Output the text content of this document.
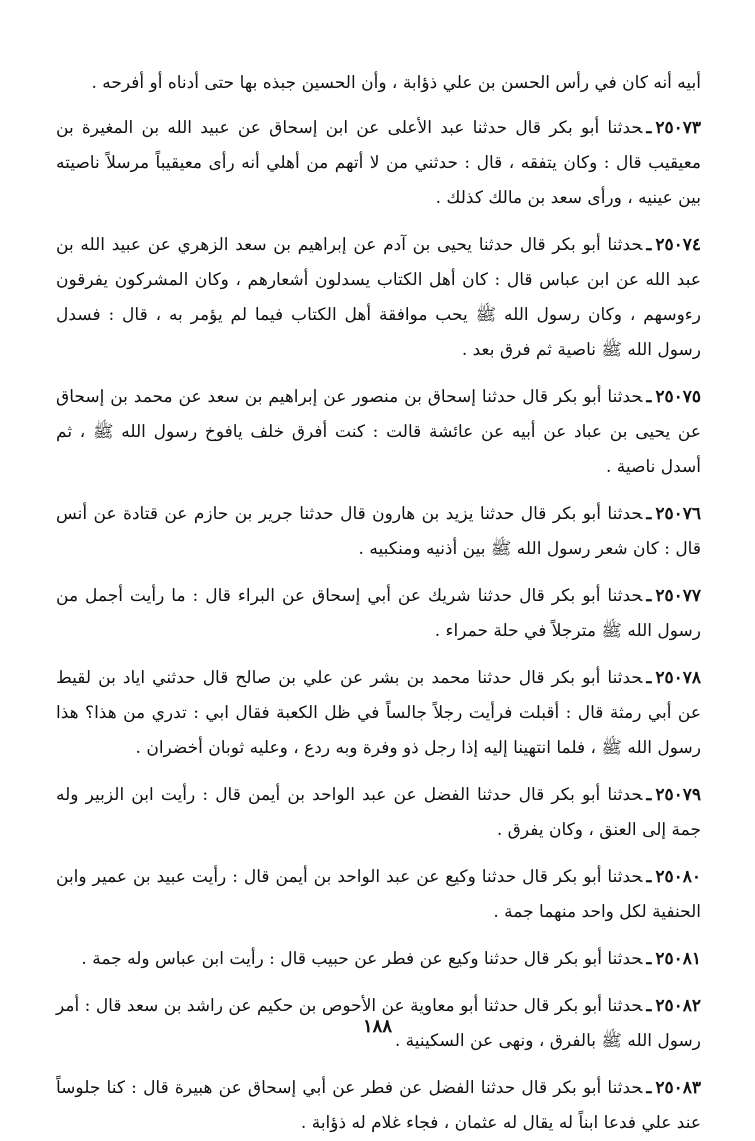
أبيه أنه كان في رأس الحسن بن علي ذؤابة ، وأن الحسين جبذه بها حتى أدناه أو أفرحه .

٢٥٠٧٣ـحدثنا أبو بكر قال حدثنا عبد الأعلى عن ابن إسحاق عن عبيد الله بن المغيرة بن معيقيب قال : وكان يتفقه ، قال : حدثني من لا أتهم من أهلي أنه رأى معيقيباً مرسلاً ناصيته بين عينيه ، ورأى سعد بن مالك كذلك .

٢٥٠٧٤ـحدثنا أبو بكر قال حدثنا يحيى بن آدم عن إبراهيم بن سعد الزهري عن عبيد الله بن عبد الله عن ابن عباس قال : كان أهل الكتاب يسدلون أشعارهم ، وكان المشركون يفرقون رءوسهم ، وكان رسول الله ﷺ يحب موافقة أهل الكتاب فيما لم يؤمر به ، قال : فسدل رسول الله ﷺ ناصية ثم فرق بعد .

٢٥٠٧٥ـحدثنا أبو بكر قال حدثنا إسحاق بن منصور عن إبراهيم بن سعد عن محمد بن إسحاق عن يحيى بن عباد عن أبيه عن عائشة قالت : كنت أفرق خلف يافوخ رسول الله ﷺ ، ثم أسدل ناصية .

٢٥٠٧٦ـحدثنا أبو بكر قال حدثنا يزيد بن هارون قال حدثنا جرير بن حازم عن قتادة عن أنس قال : كان شعر رسول الله ﷺ بين أذنيه ومنكبيه .

٢٥٠٧٧ـحدثنا أبو بكر قال حدثنا شريك عن أبي إسحاق عن البراء قال : ما رأيت أجمل من رسول الله ﷺ مترجلاً في حلة حمراء .

٢٥٠٧٨ـحدثنا أبو بكر قال حدثنا محمد بن بشر عن علي بن صالح قال حدثني اياد بن لقيط عن أبي رمثة قال : أقبلت فرأيت رجلاً جالساً في ظل الكعبة فقال ابي : تدري من هذا؟ هذا رسول الله ﷺ ، فلما انتهينا إليه إذا رجل ذو وفرة وبه ردع ، وعليه ثوبان أخضران .

٢٥٠٧٩ـحدثنا أبو بكر قال حدثنا الفضل عن عبد الواحد بن أيمن قال : رأيت ابن الزبير وله جمة إلى العنق ، وكان يفرق .

٢٥٠٨٠ـحدثنا أبو بكر قال حدثنا وكيع عن عبد الواحد بن أيمن قال : رأيت عبيد بن عمير وابن الحنفية لكل واحد منهما جمة .

٢٥٠٨١ـحدثنا أبو بكر قال حدثنا وكيع عن فطر عن حبيب قال : رأيت ابن عباس وله جمة .

٢٥٠٨٢ـحدثنا أبو بكر قال حدثنا أبو معاوية عن الأحوص بن حكيم عن راشد بن سعد قال : أمر رسول الله ﷺ بالفرق ، ونهى عن السكينية .

٢٥٠٨٣ـحدثنا أبو بكر قال حدثنا الفضل عن فطر عن أبي إسحاق عن هبيرة قال : كنا جلوساً عند علي فدعا ابناً له يقال له عثمان ، فجاء غلام له ذؤابة .

١٨٨
